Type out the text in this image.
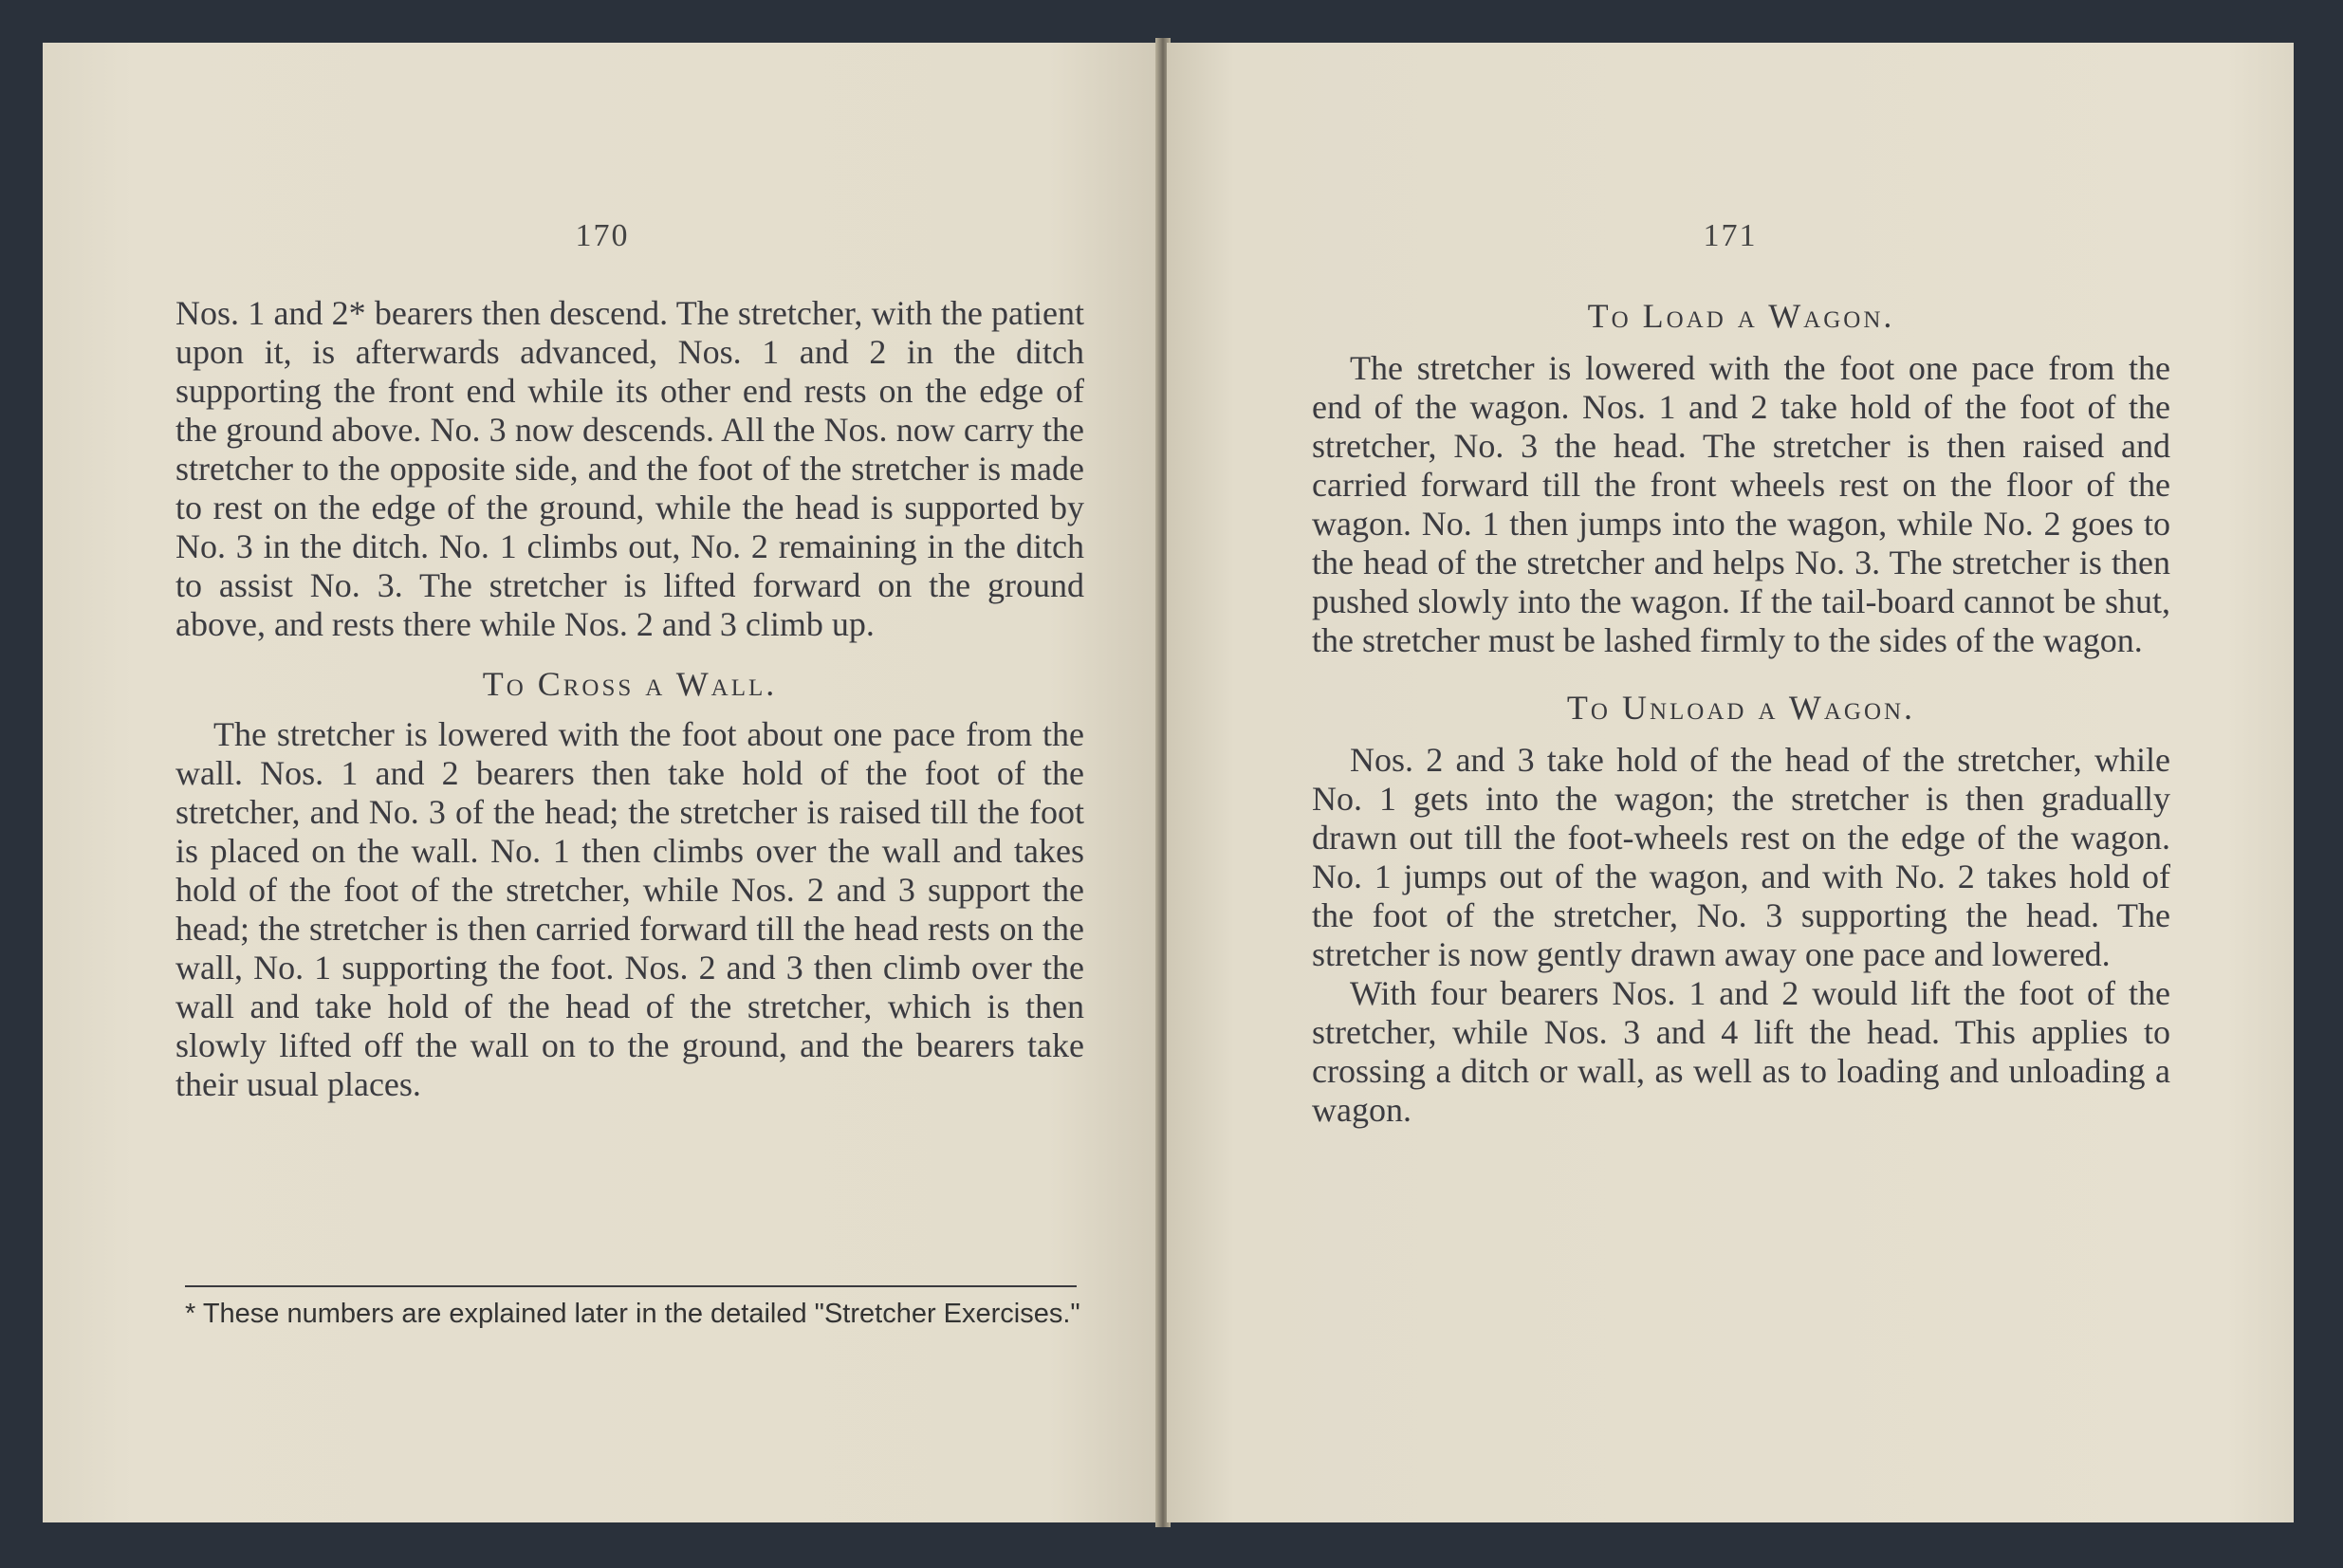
170

Nos. 1 and 2* bearers then descend. The stretcher, with the patient upon it, is afterwards advanced, Nos. 1 and 2 in the ditch supporting the front end while its other end rests on the edge of the ground above. No. 3 now descends. All the Nos. now carry the stretcher to the opposite side, and the foot of the stretcher is made to rest on the edge of the ground, while the head is supported by No. 3 in the ditch. No. 1 climbs out, No. 2 remaining in the ditch to assist No. 3. The stretcher is lifted forward on the ground above, and rests there while Nos. 2 and 3 climb up.

To Cross a Wall.

The stretcher is lowered with the foot about one pace from the wall. Nos. 1 and 2 bearers then take hold of the foot of the stretcher, and No. 3 of the head; the stretcher is raised till the foot is placed on the wall. No. 1 then climbs over the wall and takes hold of the foot of the stretcher, while Nos. 2 and 3 support the head; the stretcher is then carried forward till the head rests on the wall, No. 1 supporting the foot. Nos. 2 and 3 then climb over the wall and take hold of the head of the stretcher, which is then slowly lifted off the wall on to the ground, and the bearers take their usual places.

* These numbers are explained later in the detailed "Stretcher Exercises."
171

To Load a Wagon.

The stretcher is lowered with the foot one pace from the end of the wagon. Nos. 1 and 2 take hold of the foot of the stretcher, No. 3 the head. The stretcher is then raised and carried forward till the front wheels rest on the floor of the wagon. No. 1 then jumps into the wagon, while No. 2 goes to the head of the stretcher and helps No. 3. The stretcher is then pushed slowly into the wagon. If the tail-board cannot be shut, the stretcher must be lashed firmly to the sides of the wagon.

To Unload a Wagon.

Nos. 2 and 3 take hold of the head of the stretcher, while No. 1 gets into the wagon; the stretcher is then gradually drawn out till the foot-wheels rest on the edge of the wagon. No. 1 jumps out of the wagon, and with No. 2 takes hold of the foot of the stretcher, No. 3 supporting the head. The stretcher is now gently drawn away one pace and lowered.

With four bearers Nos. 1 and 2 would lift the foot of the stretcher, while Nos. 3 and 4 lift the head. This applies to crossing a ditch or wall, as well as to loading and unloading a wagon.
